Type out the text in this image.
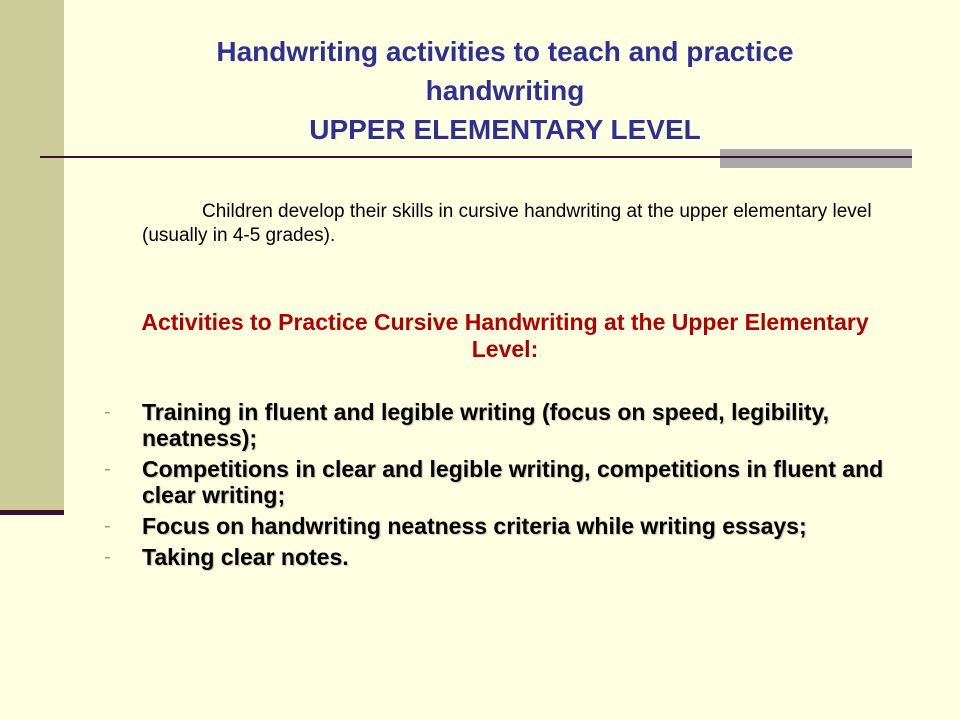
Handwriting activities to teach and practice
handwriting
UPPER ELEMENTARY LEVEL
Children develop their skills in cursive handwriting at the upper elementary level (usually in 4-5 grades).
Activities to Practice Cursive Handwriting at the Upper Elementary Level:
- Training in fluent and legible writing (focus on speed, legibility, neatness);
- Competitions in clear and legible writing, competitions in fluent and clear writing;
- Focus on handwriting neatness criteria while writing essays;
- Taking clear notes.
